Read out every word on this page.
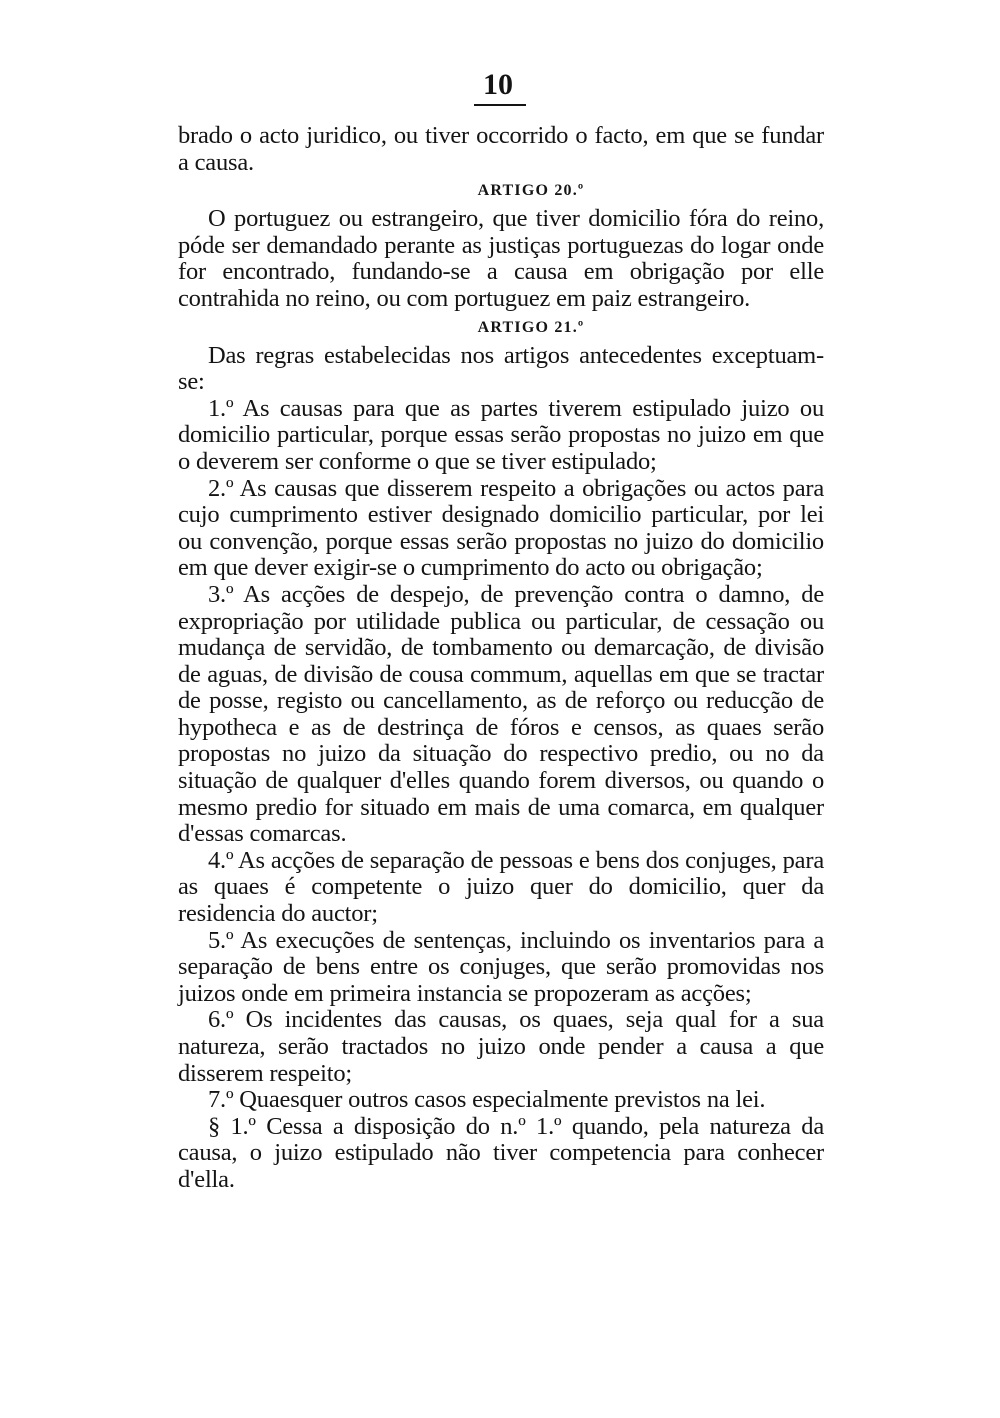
10

brado o acto juridico, ou tiver occorrido o facto, em que se fundar a causa.

ARTIGO 20.º

O portuguez ou estrangeiro, que tiver domicilio fóra do reino, póde ser demandado perante as justiças portuguezas do logar onde for encontrado, fundando-se a causa em obrigação por elle contrahida no reino, ou com portuguez em paiz estrangeiro.

ARTIGO 21.º

Das regras estabelecidas nos artigos antecedentes exceptuam-se:

1.º As causas para que as partes tiverem estipulado juizo ou domicilio particular, porque essas serão propostas no juizo em que o deverem ser conforme o que se tiver estipulado;

2.º As causas que disserem respeito a obrigações ou actos para cujo cumprimento estiver designado domicilio particular, por lei ou convenção, porque essas serão propostas no juizo do domicilio em que dever exigir-se o cumprimento do acto ou obrigação;

3.º As acções de despejo, de prevenção contra o damno, de expropriação por utilidade publica ou particular, de cessação ou mudança de servidão, de tombamento ou demarcação, de divisão de aguas, de divisão de cousa commum, aquellas em que se tractar de posse, registo ou cancellamento, as de reforço ou reducção de hypotheca e as de destrinça de fóros e censos, as quaes serão propostas no juizo da situação do respectivo predio, ou no da situação de qualquer d'elles quando forem diversos, ou quando o mesmo predio for situado em mais de uma comarca, em qualquer d'essas comarcas.

4.º As acções de separação de pessoas e bens dos conjuges, para as quaes é competente o juizo quer do domicilio, quer da residencia do auctor;

5.º As execuções de sentenças, incluindo os inventarios para a separação de bens entre os conjuges, que serão promovidas nos juizos onde em primeira instancia se propozeram as acções;

6.º Os incidentes das causas, os quaes, seja qual for a sua natureza, serão tractados no juizo onde pender a causa a que disserem respeito;

7.º Quaesquer outros casos especialmente previstos na lei.

§ 1.º Cessa a disposição do n.º 1.º quando, pela natureza da causa, o juizo estipulado não tiver competencia para conhecer d'ella.
